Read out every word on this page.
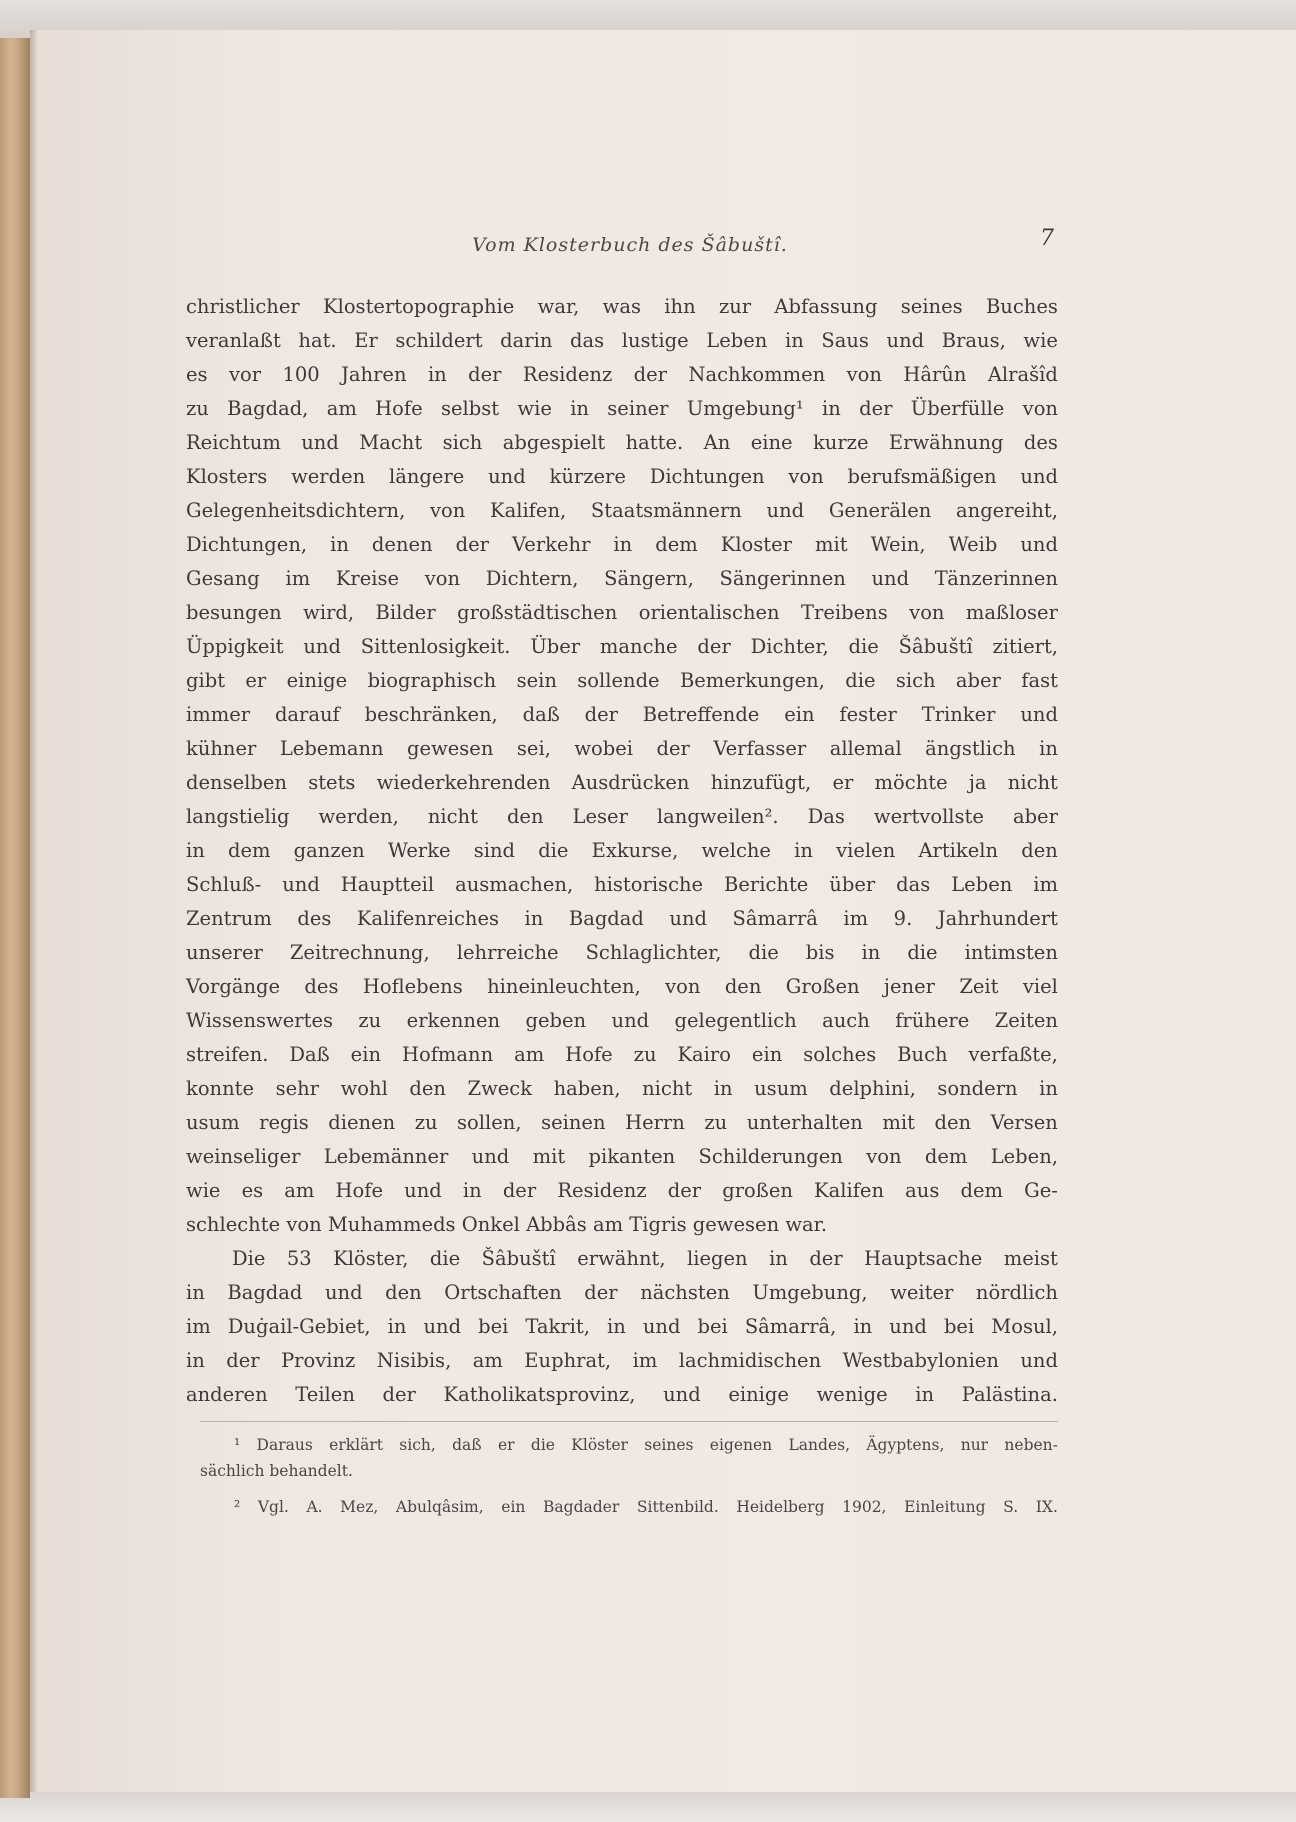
Vom Klosterbuch des Šâbuštî.	7
christlicher Klostertopographie war, was ihn zur Abfassung seines Buches
veranlaßt hat. Er schildert darin das lustige Leben in Saus und Braus, wie
es vor 100 Jahren in der Residenz der Nachkommen von Hârûn Alrašîd
zu Bagdad, am Hofe selbst wie in seiner Umgebung¹ in der Überfülle von
Reichtum und Macht sich abgespielt hatte. An eine kurze Erwähnung des
Klosters werden längere und kürzere Dichtungen von berufsmäßigen und
Gelegenheitsdichtern, von Kalifen, Staatsmännern und Generälen angereiht,
Dichtungen, in denen der Verkehr in dem Kloster mit Wein, Weib und
Gesang im Kreise von Dichtern, Sängern, Sängerinnen und Tänzerinnen
besungen wird, Bilder großstädtischen orientalischen Treibens von maßloser
Üppigkeit und Sittenlosigkeit. Über manche der Dichter, die Šâbuštî zitiert,
gibt er einige biographisch sein sollende Bemerkungen, die sich aber fast
immer darauf beschränken, daß der Betreffende ein fester Trinker und
kühner Lebemann gewesen sei, wobei der Verfasser allemal ängstlich in
denselben stets wiederkehrenden Ausdrücken hinzufügt, er möchte ja nicht
langstielig werden, nicht den Leser langweilen². Das wertvollste aber
in dem ganzen Werke sind die Exkurse, welche in vielen Artikeln den
Schluß- und Hauptteil ausmachen, historische Berichte über das Leben im
Zentrum des Kalifenreiches in Bagdad und Sâmarrâ im 9. Jahrhundert
unserer Zeitrechnung, lehrreiche Schlaglichter, die bis in die intimsten
Vorgänge des Hoflebens hineinleuchten, von den Großen jener Zeit viel
Wissenswertes zu erkennen geben und gelegentlich auch frühere Zeiten
streifen. Daß ein Hofmann am Hofe zu Kairo ein solches Buch verfaßte,
konnte sehr wohl den Zweck haben, nicht in usum delphini, sondern in
usum regis dienen zu sollen, seinen Herrn zu unterhalten mit den Versen
weinseliger Lebemänner und mit pikanten Schilderungen von dem Leben,
wie es am Hofe und in der Residenz der großen Kalifen aus dem Ge-
schlechte von Muhammeds Onkel Abbâs am Tigris gewesen war.
Die 53 Klöster, die Šâbuštî erwähnt, liegen in der Hauptsache meist
in Bagdad und den Ortschaften der nächsten Umgebung, weiter nördlich
im Duġail-Gebiet, in und bei Takrit, in und bei Sâmarrâ, in und bei Mosul,
in der Provinz Nisibis, am Euphrat, im lachmidischen Westbabylonien und
anderen Teilen der Katholikatsprovinz, und einige wenige in Palästina.
¹ Daraus erklärt sich, daß er die Klöster seines eigenen Landes, Ägyptens, nur neben-
sächlich behandelt.
² Vgl. A. Mez, Abulqâsim, ein Bagdader Sittenbild. Heidelberg 1902, Einleitung S. IX.
